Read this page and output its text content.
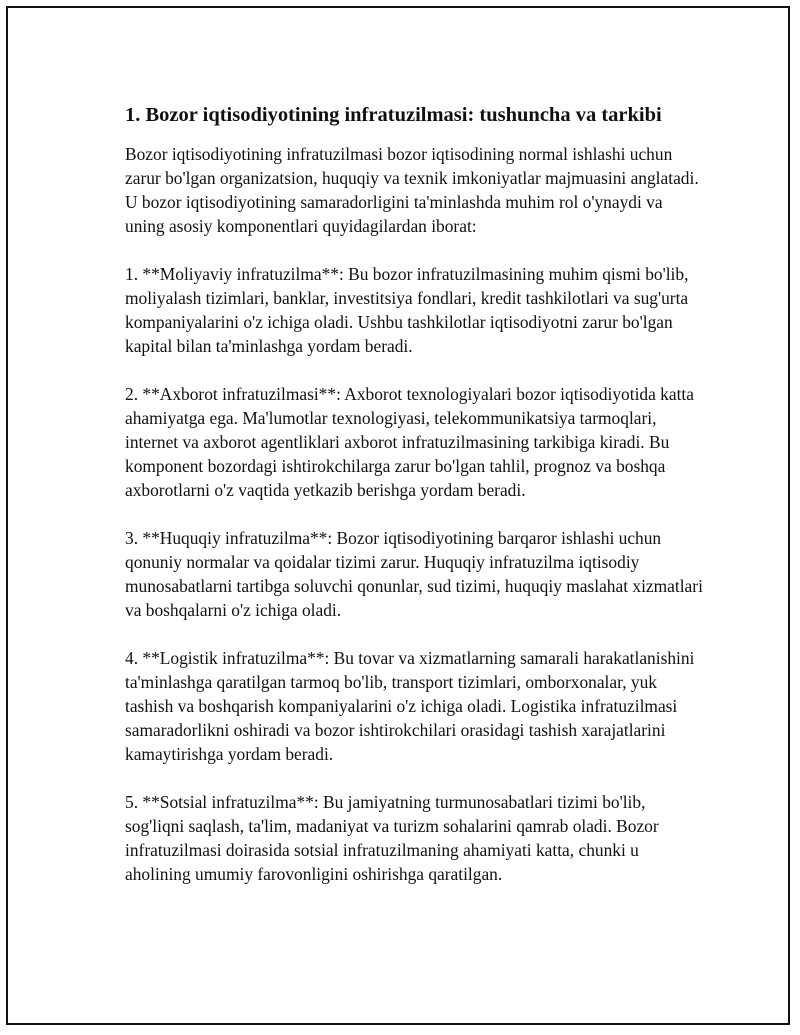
1. Bozor iqtisodiyotining infratuzilmasi: tushuncha va tarkibi

Bozor iqtisodiyotining infratuzilmasi bozor iqtisodining normal ishlashi uchun zarur bo'lgan organizatsion, huquqiy va texnik imkoniyatlar majmuasini anglatadi. U bozor iqtisodiyotining samaradorligini ta'minlashda muhim rol o'ynaydi va uning asosiy komponentlari quyidagilardan iborat:

1. **Moliyaviy infratuzilma**: Bu bozor infratuzilmasining muhim qismi bo'lib, moliyalash tizimlari, banklar, investitsiya fondlari, kredit tashkilotlari va sug'urta kompaniyalarini o'z ichiga oladi. Ushbu tashkilotlar iqtisodiyotni zarur bo'lgan kapital bilan ta'minlashga yordam beradi.

2. **Axborot infratuzilmasi**: Axborot texnologiyalari bozor iqtisodiyotida katta ahamiyatga ega. Ma'lumotlar texnologiyasi, telekommunikatsiya tarmoqlari, internet va axborot agentliklari axborot infratuzilmasining tarkibiga kiradi. Bu komponent bozordagi ishtirokchilarga zarur bo'lgan tahlil, prognoz va boshqa axborotlarni o'z vaqtida yetkazib berishga yordam beradi.

3. **Huquqiy infratuzilma**: Bozor iqtisodiyotining barqaror ishlashi uchun qonuniy normalar va qoidalar tizimi zarur. Huquqiy infratuzilma iqtisodiy munosabatlarni tartibga soluvchi qonunlar, sud tizimi, huquqiy maslahat xizmatlari va boshqalarni o'z ichiga oladi.

4. **Logistik infratuzilma**: Bu tovar va xizmatlarning samarali harakatlanishini ta'minlashga qaratilgan tarmoq bo'lib, transport tizimlari, omborxonalar, yuk tashish va boshqarish kompaniyalarini o'z ichiga oladi. Logistika infratuzilmasi samaradorlikni oshiradi va bozor ishtirokchilari orasidagi tashish xarajatlarini kamaytirishga yordam beradi.

5. **Sotsial infratuzilma**: Bu jamiyatning turmunosabatlari tizimi bo'lib, sog'liqni saqlash, ta'lim, madaniyat va turizm sohalarini qamrab oladi. Bozor infratuzilmasi doirasida sotsial infratuzilmaning ahamiyati katta, chunki u aholining umumiy farovonligini oshirishga qaratilgan.
